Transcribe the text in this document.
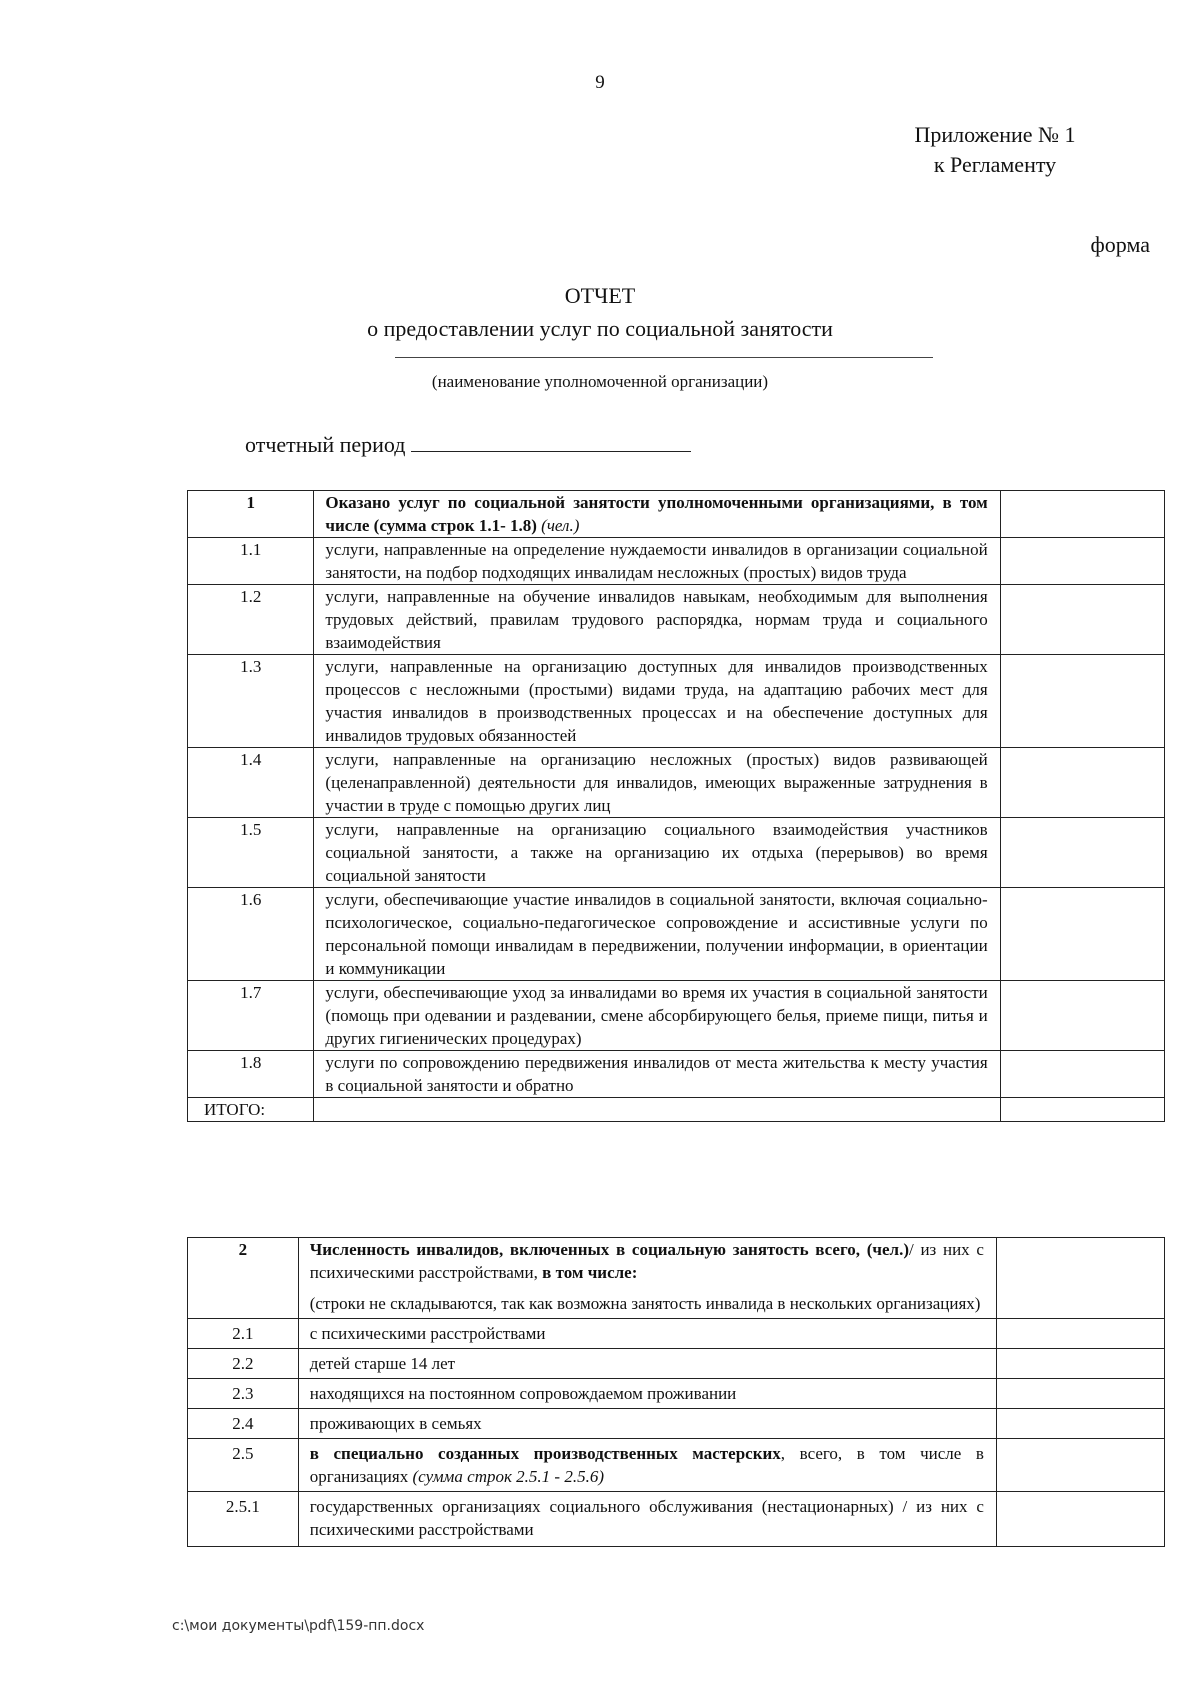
9
Приложение № 1
к Регламенту
форма
ОТЧЕТ
о предоставлении услуг по социальной занятости
(наименование уполномоченной организации)
отчетный период
1	Оказано услуг по социальной занятости уполномоченными организациями, в том числе (сумма строк 1.1- 1.8) (чел.)	
1.1	услуги, направленные на определение нуждаемости инвалидов в организации социальной занятости, на подбор подходящих инвалидам несложных (простых) видов труда	
1.2	услуги, направленные на обучение инвалидов навыкам, необходимым для выполнения трудовых действий, правилам трудового распорядка, нормам труда и социального взаимодействия	
1.3	услуги, направленные на организацию доступных для инвалидов производственных процессов с несложными (простыми) видами труда, на адаптацию рабочих мест для участия инвалидов в производственных процессах и на обеспечение доступных для инвалидов трудовых обязанностей	
1.4	услуги, направленные на организацию несложных (простых) видов развивающей (целенаправленной) деятельности для инвалидов, имеющих выраженные затруднения в участии в труде с помощью других лиц	
1.5	услуги, направленные на организацию социального взаимодействия участников социальной занятости, а также на организацию их отдыха (перерывов) во время социальной занятости	
1.6	услуги, обеспечивающие участие инвалидов в социальной занятости, включая социально-психологическое, социально-педагогическое сопровождение и ассистивные услуги по персональной помощи инвалидам в передвижении, получении информации, в ориентации и коммуникации	
1.7	услуги, обеспечивающие уход за инвалидами во время их участия в социальной занятости (помощь при одевании и раздевании, смене абсорбирующего белья, приеме пищи, питья и других гигиенических процедурах)	
1.8	услуги по сопровождению передвижения инвалидов от места жительства к месту участия в социальной занятости и обратно	
ИТОГО:		
2	Численность инвалидов, включенных в социальную занятость всего, (чел.)/ из них с психическими расстройствами, в том числе:
(строки не складываются, так как возможна занятость инвалида в нескольких организациях)	

2.1	с психическими расстройствами	
2.2	детей старше 14 лет	
2.3	находящихся на постоянном сопровождаемом проживании	
2.4	проживающих в семьях	
2.5	в специально созданных производственных мастерских, всего, в том числе в организациях (сумма строк 2.5.1 - 2.5.6)	
2.5.1	государственных организациях социального обслуживания (нестационарных) / из них с психическими расстройствами	
c:\мои документы\pdf\159-пп.docx
